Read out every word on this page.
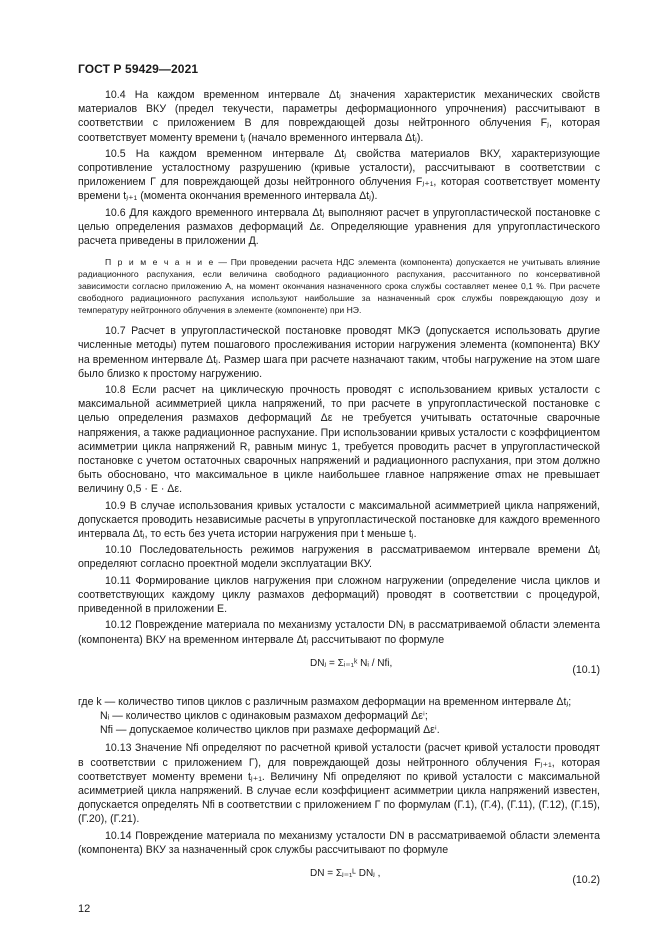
ГОСТ Р 59429—2021

10.4 На каждом временном интервале Δtⱼ значения характеристик механических свойств материалов ВКУ (предел текучести, параметры деформационного упрочнения) рассчитывают в соответствии с приложением В для повреждающей дозы нейтронного облучения Fⱼ, которая соответствует моменту времени tⱼ (начало временного интервала Δtⱼ).

10.5 На каждом временном интервале Δtⱼ свойства материалов ВКУ, характеризующие сопротивление усталостному разрушению (кривые усталости), рассчитывают в соответствии с приложением Г для повреждающей дозы нейтронного облучения Fⱼ₊₁, которая соответствует моменту времени tⱼ₊₁ (момента окончания временного интервала Δtⱼ).

10.6 Для каждого временного интервала Δtⱼ выполняют расчет в упругопластической постановке с целью определения размахов деформаций Δε. Определяющие уравнения для упругопластического расчета приведены в приложении Д.

П р и м е ч а н и е — При проведении расчета НДС элемента (компонента) допускается не учитывать влияние радиационного распухания, если величина свободного радиационного распухания, рассчитанного по консервативной зависимости согласно приложению А, на момент окончания назначенного срока службы составляет менее 0,1 %. При расчете свободного радиационного распухания используют наибольшие за назначенный срок службы повреждающую дозу и температуру нейтронного облучения в элементе (компоненте) при НЭ.

10.7 Расчет в упругопластической постановке проводят МКЭ (допускается использовать другие численные методы) путем пошагового прослеживания истории нагружения элемента (компонента) ВКУ на временном интервале Δtⱼ. Размер шага при расчете назначают таким, чтобы нагружение на этом шаге было близко к простому нагружению.

10.8 Если расчет на циклическую прочность проводят с использованием кривых усталости с максимальной асимметрией цикла напряжений, то при расчете в упругопластической постановке с целью определения размахов деформаций Δε не требуется учитывать остаточные сварочные напряжения, а также радиационное распухание. При использовании кривых усталости с коэффициентом асимметрии цикла напряжений R, равным минус 1, требуется проводить расчет в упругопластической постановке с учетом остаточных сварочных напряжений и радиационного распухания, при этом должно быть обосновано, что максимальное в цикле наибольшее главное напряжение σmax не превышает величину 0,5 · E · Δε.

10.9 В случае использования кривых усталости с максимальной асимметрией цикла напряжений, допускается проводить независимые расчеты в упругопластической постановке для каждого временного интервала Δtⱼ, то есть без учета истории нагружения при t меньше tⱼ.

10.10 Последовательность режимов нагружения в рассматриваемом интервале времени Δtⱼ определяют согласно проектной модели эксплуатации ВКУ.

10.11 Формирование циклов нагружения при сложном нагружении (определение числа циклов и соответствующих каждому циклу размахов деформаций) проводят в соответствии с процедурой, приведенной в приложении Е.

10.12 Повреждение материала по механизму усталости DNⱼ в рассматриваемой области элемента (компонента) ВКУ на временном интервале Δtⱼ рассчитывают по формуле

DNⱼ = Σᵢ₌₁ᵏ Nᵢ / Nfi,
(10.1)
где k — количество типов циклов с различным размахом деформации на временном интервале Δtⱼ;
Nᵢ — количество циклов с одинаковым размахом деформаций Δεⁱ;
Nfi — допускаемое количество циклов при размахе деформаций Δεⁱ.

10.13 Значение Nfi определяют по расчетной кривой усталости (расчет кривой усталости проводят в соответствии с приложением Г), для повреждающей дозы нейтронного облучения Fⱼ₊₁, которая соответствует моменту времени tⱼ₊₁. Величину Nfi определяют по кривой усталости с максимальной асимметрией цикла напряжений. В случае если коэффициент асимметрии цикла напряжений известен, допускается определять Nfi в соответствии с приложением Г по формулам (Г.1), (Г.4), (Г.11), (Г.12), (Г.15), (Г.20), (Г.21).

10.14 Повреждение материала по механизму усталости DN в рассматриваемой области элемента (компонента) ВКУ за назначенный срок службы рассчитывают по формуле

DN = Σⱼ₌₁ᴸ DNⱼ ,
(10.2)
12
